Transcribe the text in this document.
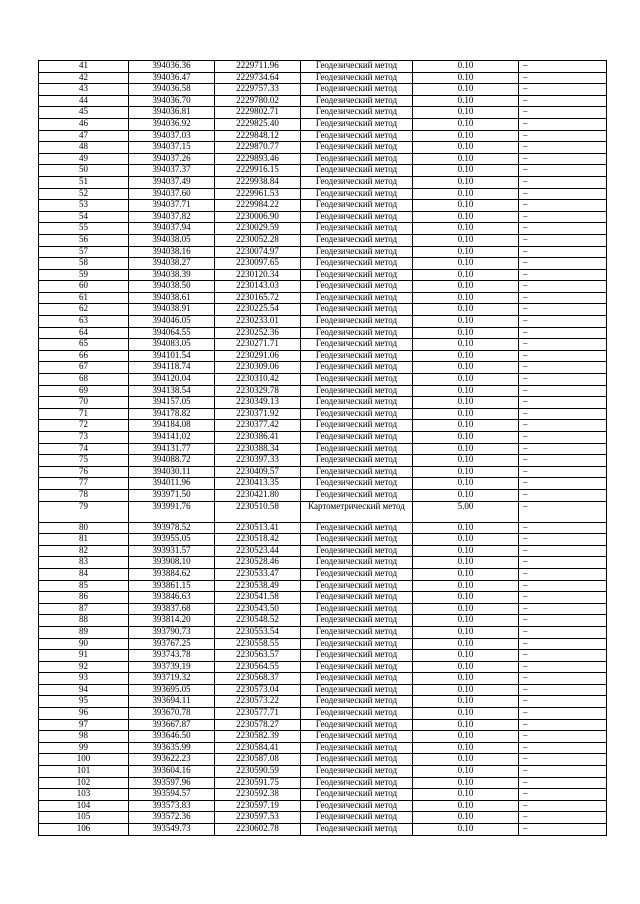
41	394036.36	2229711.96	Геодезический метод	0.10	–
42	394036.47	2229734.64	Геодезический метод	0.10	–
43	394036.58	2229757.33	Геодезический метод	0.10	–
44	394036.70	2229780.02	Геодезический метод	0.10	–
45	394036.81	2229802.71	Геодезический метод	0.10	–
46	394036.92	2229825.40	Геодезический метод	0.10	–
47	394037.03	2229848.12	Геодезический метод	0.10	–
48	394037.15	2229870.77	Геодезический метод	0.10	–
49	394037.26	2229893.46	Геодезический метод	0.10	–
50	394037.37	2229916.15	Геодезический метод	0.10	–
51	394037.49	2229938.84	Геодезический метод	0.10	–
52	394037.60	2229961.53	Геодезический метод	0.10	–
53	394037.71	2229984.22	Геодезический метод	0.10	–
54	394037.82	2230006.90	Геодезический метод	0.10	–
55	394037.94	2230029.59	Геодезический метод	0.10	–
56	394038.05	2230052.28	Геодезический метод	0.10	–
57	394038.16	2230074.97	Геодезический метод	0.10	–
58	394038.27	2230097.65	Геодезический метод	0.10	–
59	394038.39	2230120.34	Геодезический метод	0.10	–
60	394038.50	2230143.03	Геодезический метод	0.10	–
61	394038.61	2230165.72	Геодезический метод	0.10	–
62	394038.91	2230225.54	Геодезический метод	0.10	–
63	394046.05	2230233.01	Геодезический метод	0.10	–
64	394064.55	2230252.36	Геодезический метод	0.10	–
65	394083.05	2230271.71	Геодезический метод	0.10	–
66	394101.54	2230291.06	Геодезический метод	0.10	–
67	394118.74	2230309.06	Геодезический метод	0.10	–
68	394120.04	2230310.42	Геодезический метод	0.10	–
69	394138.54	2230329.78	Геодезический метод	0.10	–
70	394157.05	2230349.13	Геодезический метод	0.10	–
71	394178.82	2230371.92	Геодезический метод	0.10	–
72	394184.08	2230377.42	Геодезический метод	0.10	–
73	394141.02	2230386.41	Геодезический метод	0.10	–
74	394131.77	2230388.34	Геодезический метод	0.10	–
75	394088.72	2230397.33	Геодезический метод	0.10	–
76	394030.11	2230409.57	Геодезический метод	0.10	–
77	394011.96	2230413.35	Геодезический метод	0.10	–
78	393971.50	2230421.80	Геодезический метод	0.10	–
79	393991.76	2230510.58	Картометрический метод	5.00	–
80	393978.52	2230513.41	Геодезический метод	0.10	–
81	393955.05	2230518.42	Геодезический метод	0.10	–
82	393931.57	2230523.44	Геодезический метод	0.10	–
83	393908.10	2230528.46	Геодезический метод	0.10	–
84	393884.62	2230533.47	Геодезический метод	0.10	–
85	393861.15	2230538.49	Геодезический метод	0.10	–
86	393846.63	2230541.58	Геодезический метод	0.10	–
87	393837.68	2230543.50	Геодезический метод	0.10	–
88	393814.20	2230548.52	Геодезический метод	0.10	–
89	393790.73	2230553.54	Геодезический метод	0.10	–
90	393767.25	2230558.55	Геодезический метод	0.10	–
91	393743.78	2230563.57	Геодезический метод	0.10	–
92	393739.19	2230564.55	Геодезический метод	0.10	–
93	393719.32	2230568.37	Геодезический метод	0.10	–
94	393695.05	2230573.04	Геодезический метод	0.10	–
95	393694.11	2230573.22	Геодезический метод	0.10	–
96	393670.78	2230577.71	Геодезический метод	0.10	–
97	393667.87	2230578.27	Геодезический метод	0.10	–
98	393646.50	2230582.39	Геодезический метод	0.10	–
99	393635.99	2230584.41	Геодезический метод	0.10	–
100	393622.23	2230587.08	Геодезический метод	0.10	–
101	393604.16	2230590.59	Геодезический метод	0.10	–
102	393597.96	2230591.75	Геодезический метод	0.10	–
103	393594.57	2230592.38	Геодезический метод	0.10	–
104	393573.83	2230597.19	Геодезический метод	0.10	–
105	393572.36	2230597.53	Геодезический метод	0.10	–
106	393549.73	2230602.78	Геодезический метод	0.10	–
